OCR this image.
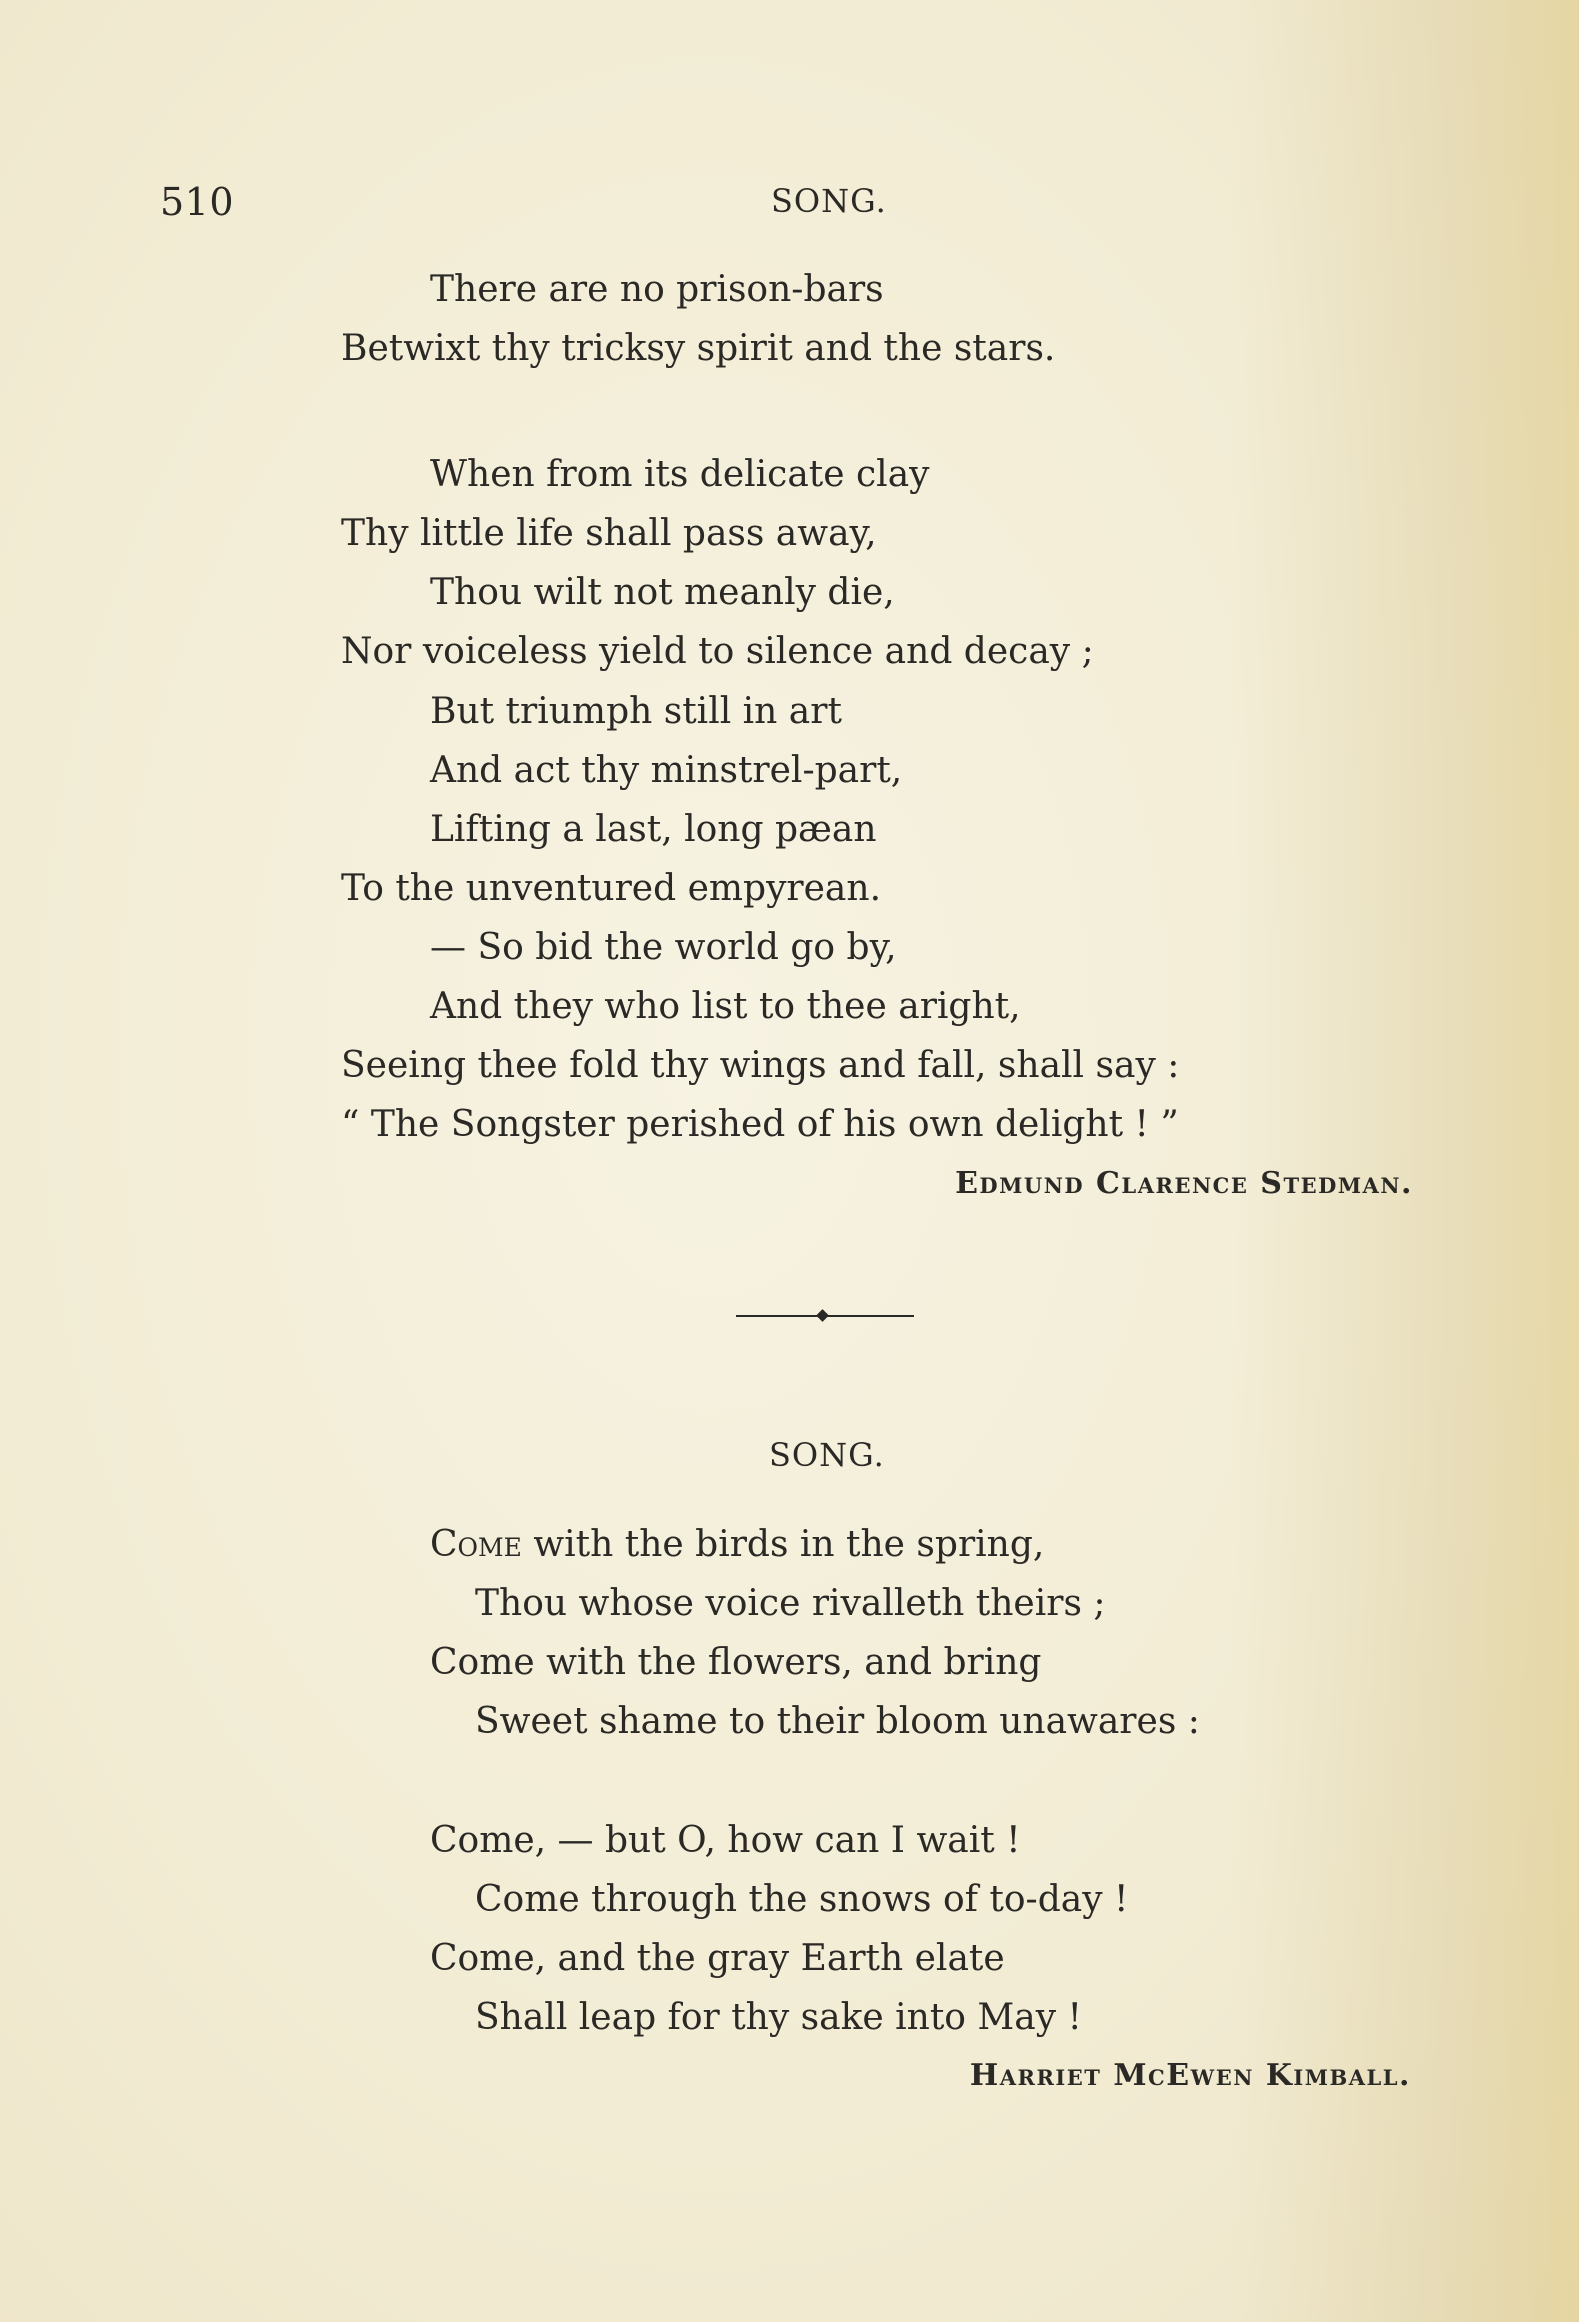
510	SONG.
There are no prison-bars
Betwixt thy tricksy spirit and the stars.
When from its delicate clay
Thy little life shall pass away,
Thou wilt not meanly die,
Nor voiceless yield to silence and decay ;
But triumph still in art
And act thy minstrel-part,
Lifting a last, long pæan
To the unventured empyrean.
— So bid the world go by,
And they who list to thee aright,
Seeing thee fold thy wings and fall, shall say :
“ The Songster perished of his own delight ! ”
Edmund Clarence Stedman.
SONG.
Come with the birds in the spring,
Thou whose voice rivalleth theirs ;
Come with the flowers, and bring
Sweet shame to their bloom unawares :
Come, — but O, how can I wait !
Come through the snows of to-day !
Come, and the gray Earth elate
Shall leap for thy sake into May !
Harriet McEwen Kimball.
